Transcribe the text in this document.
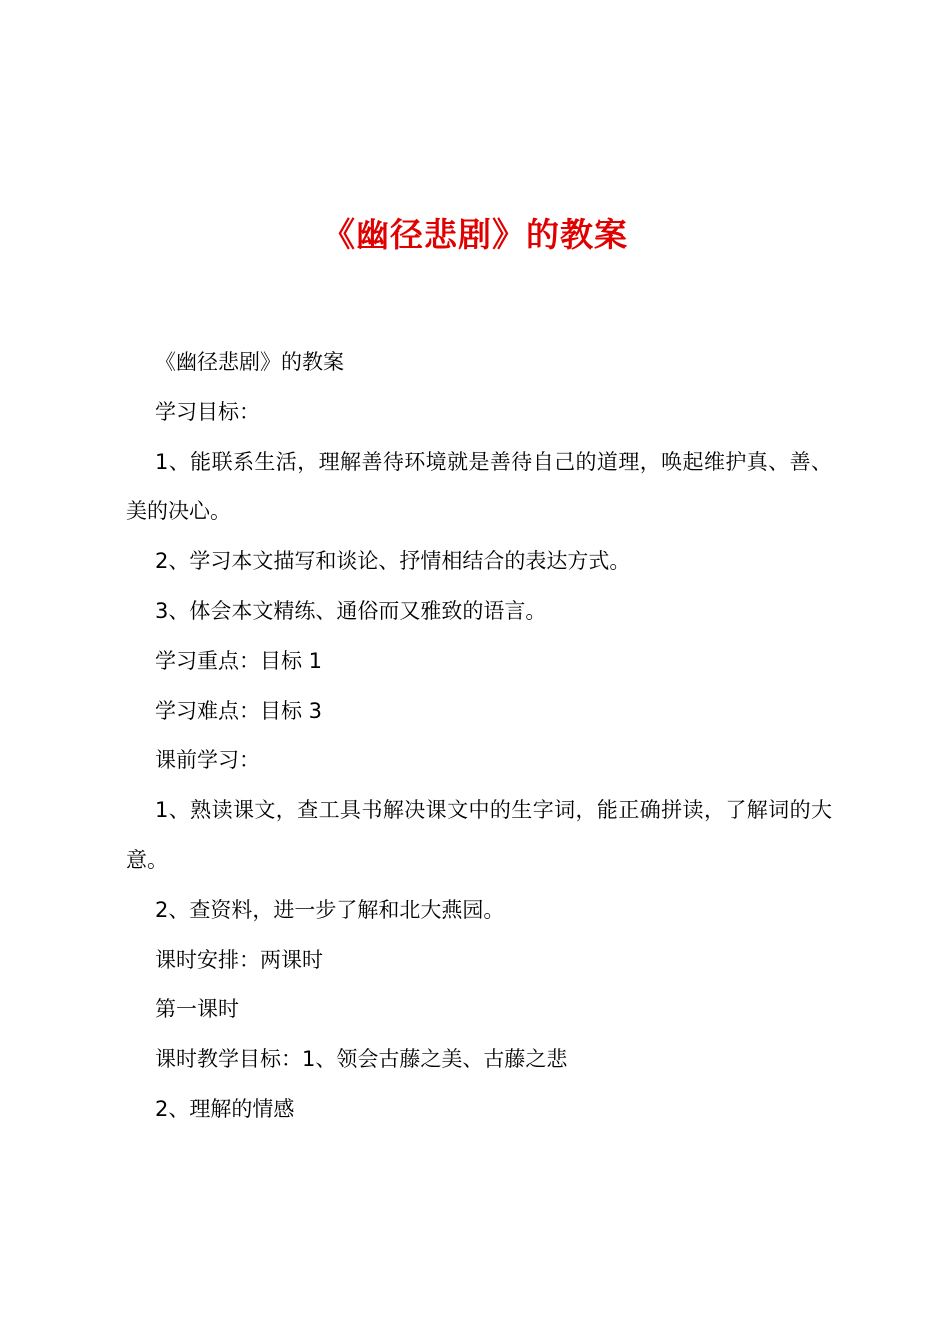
《幽径悲剧》的教案

《幽径悲剧》的教案

学习目标：

1、能联系生活，理解善待环境就是善待自己的道理，唤起维护真、善、美的决心。

2、学习本文描写和谈论、抒情相结合的表达方式。

3、体会本文精练、通俗而又雅致的语言。

学习重点：目标 1

学习难点：目标 3

课前学习：

1、熟读课文，查工具书解决课文中的生字词，能正确拼读，了解词的大意。

2、查资料，进一步了解和北大燕园。

课时安排：两课时

第一课时

课时教学目标：1、领会古藤之美、古藤之悲

2、理解的情感
